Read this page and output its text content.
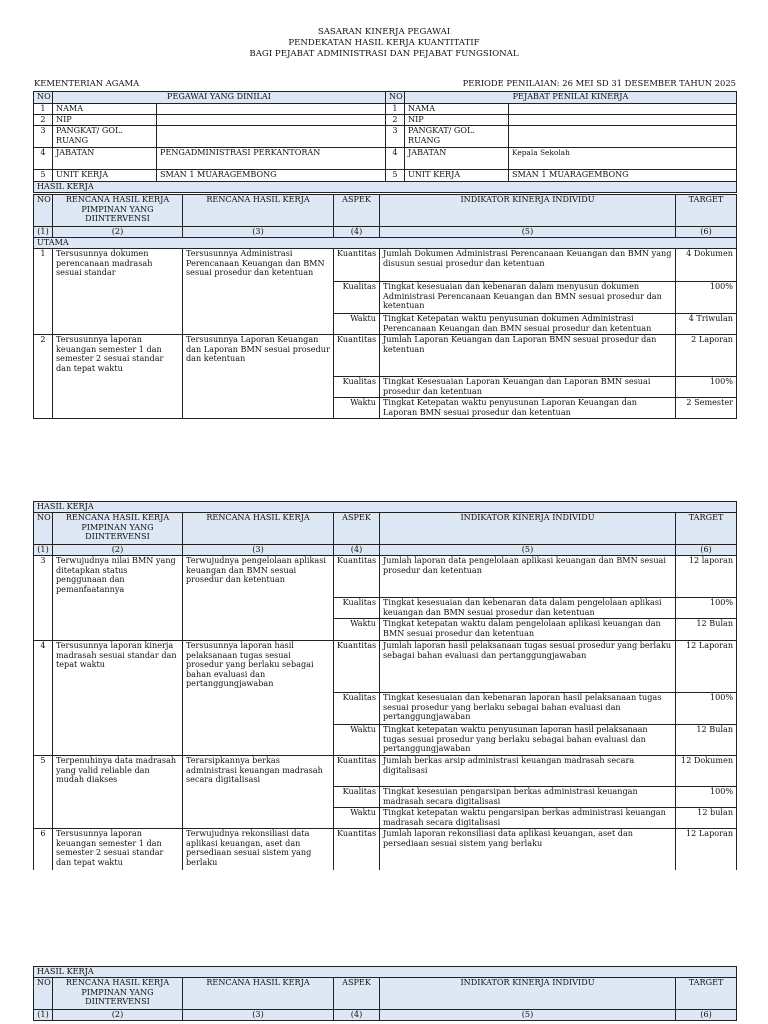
SASARAN KINERJA PEGAWAI
PENDEKATAN HASIL KERJA KUANTITATIF
BAGI PEJABAT ADMINISTRASI DAN PEJABAT FUNGSIONAL
KEMENTERIAN AGAMA	PERIODE PENILAIAN: 26 MEI SD 31 DESEMBER TAHUN 2025
NO	PEGAWAI YANG DINILAI		NO	PEJABAT PENILAI KINERJA	
1	NAMA		1	NAMA	
2	NIP		2	NIP	
3	PANGKAT/ GOL. RUANG		3	PANGKAT/ GOL. RUANG	
4	JABATAN	PENGADMINISTRASI PERKANTORAN	4	JABATAN	Kepala Sekolah
5	UNIT KERJA	SMAN 1 MUARAGEMBONG	5	UNIT KERJA	SMAN 1 MUARAGEMBONG
HASIL KERJA					
NO	RENCANA HASIL KERJA PIMPINAN YANG DIINTERVENSI	RENCANA HASIL KERJA	ASPEK	INDIKATOR KINERJA INDIVIDU	TARGET
(1)	(2)	(3)	(4)	(5)	(6)
UTAMA					
1	Tersusunnya dokumen perencanaan madrasah sesuai standar	Tersusunnya Administrasi Perencanaan Keuangan dan BMN sesuai prosedur dan ketentuan	Kuantitas	Jumlah Dokumen Administrasi Perencanaan Keuangan dan BMN yang disusun sesuai prosedur dan ketentuan	4 Dokumen
			Kualitas	Tingkat kesesuaian dan kebenaran dalam menyusun dokumen Administrasi Perencanaan Keuangan dan BMN sesuai prosedur dan ketentuan	100%
			Waktu	Tingkat Ketepatan waktu penyusunan dokumen Administrasi Perencanaan Keuangan dan BMN sesuai prosedur dan ketentuan	4 Triwulan
2	Tersusunnya laporan keuangan semester 1 dan semester 2 sesuai standar dan tepat waktu	Tersusunnya Laporan Keuangan dan Laporan BMN sesuai prosedur dan ketentuan	Kuantitas	Jumlah Laporan Keuangan dan Laporan BMN sesuai prosedur dan ketentuan	2 Laporan
			Kualitas	Tingkat Kesesuaian Laporan Keuangan dan Laporan BMN sesuai prosedur dan ketentuan	100%
			Waktu	Tingkat Ketepatan waktu penyusunan Laporan Keuangan dan Laporan BMN sesuai prosedur dan ketentuan	2 Semester
HASIL KERJA					
NO	RENCANA HASIL KERJA PIMPINAN YANG DIINTERVENSI	RENCANA HASIL KERJA	ASPEK	INDIKATOR KINERJA INDIVIDU	TARGET
(1)	(2)	(3)	(4)	(5)	(6)
3	Terwujudnya nilai BMN yang ditetapkan status penggunaan dan pemanfaatannya	Terwujudnya pengelolaan aplikasi keuangan dan BMN sesuai prosedur dan ketentuan	Kuantitas	Jumlah laporan data pengelolaan aplikasi keuangan dan BMN sesuai prosedur dan ketentuan	12 laporan
			Kualitas	Tingkat kesesuaian dan kebenaran data dalam pengelolaan aplikasi keuangan dan BMN sesuai prosedur dan ketentuan	100%
			Waktu	Tingkat ketepatan waktu dalam pengelolaan aplikasi keuangan dan BMN sesuai prosedur dan ketentuan	12 Bulan
4	Tersusunnya laporan kinerja madrasah sesuai standar dan tepat waktu	Tersusunnya laporan hasil pelaksanaan tugas sesuai prosedur yang berlaku sebagai bahan evaluasi dan pertanggungjawaban	Kuantitas	Jumlah laporan hasil pelaksanaan tugas sesuai prosedur yang berlaku sebagai bahan evaluasi dan pertanggungjawaban	12 Laporan
			Kualitas	Tingkat kesesuaian dan kebenaran laporan hasil pelaksanaan tugas sesuai prosedur yang berlaku sebagai bahan evaluasi dan pertanggungjawaban	100%
			Waktu	Tingkat ketepatan waktu penyusunan laporan hasil pelaksanaan tugas sesuai prosedur yang berlaku sebagai bahan evaluasi dan pertanggungjawaban	12 Bulan
5	Terpenuhinya data madrasah yang valid reliable dan mudah diakses	Terarsipkannya berkas administrasi keuangan madrasah secara digitalisasi	Kuantitas	Jumlah berkas arsip administrasi keuangan madrasah secara digitalisasi	12 Dokumen
			Kualitas	Tingkat kesesuian pengarsipan berkas administrasi keuangan madrasah secara digitalisasi	100%
			Waktu	Tingkat ketepatan waktu pengarsipan berkas administrasi keuangan madrasah secara digitalisasi	12 bulan
6	Tersusunnya laporan keuangan semester 1 dan semester 2 sesuai standar dan tepat waktu	Terwujudnya rekonsiliasi data aplikasi keuangan, aset dan persediaan sesuai sistem yang berlaku	Kuantitas	Jumlah laporan rekonsiliasi data aplikasi keuangan, aset dan persediaan sesuai sistem yang berlaku	12 Laporan
HASIL KERJA					
NO	RENCANA HASIL KERJA PIMPINAN YANG DIINTERVENSI	RENCANA HASIL KERJA	ASPEK	INDIKATOR KINERJA INDIVIDU	TARGET
(1)	(2)	(3)	(4)	(5)	(6)
